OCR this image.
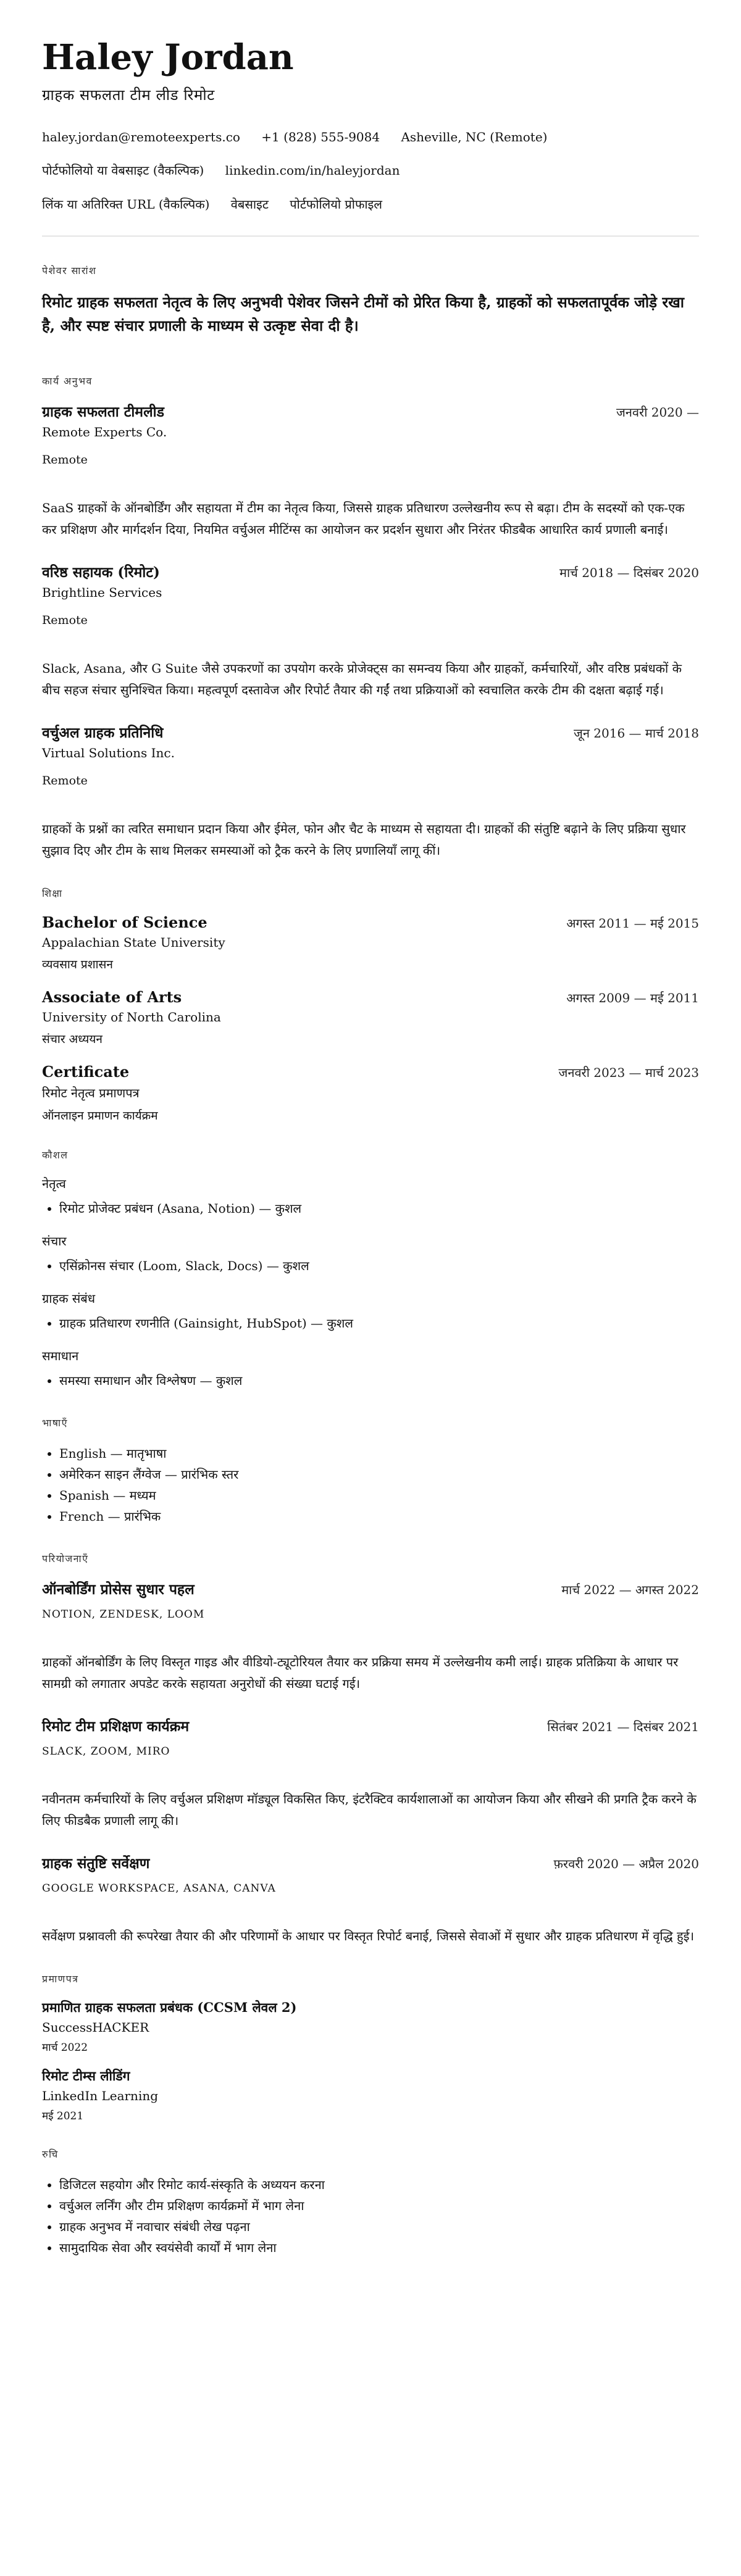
Haley Jordan
ग्राहक सफलता टीम लीड रिमोट
haley.jordan@remoteexperts.co +1 (828) 555-9084 Asheville, NC (Remote)
पोर्टफोलियो या वेबसाइट (वैकल्पिक) linkedin.com/in/haleyjordan
लिंक या अतिरिक्त URL (वैकल्पिक) वेबसाइट पोर्टफोलियो प्रोफाइल
पेशेवर सारांश
रिमोट ग्राहक सफलता नेतृत्व के लिए अनुभवी पेशेवर जिसने टीमों को प्रेरित किया है, ग्राहकों को सफलतापूर्वक जोड़े रखा है, और स्पष्ट संचार प्रणाली के माध्यम से उत्कृष्ट सेवा दी है।
कार्य अनुभव
ग्राहक सफलता टीमलीड	जनवरी 2020 —
Remote Experts Co.
Remote
SaaS ग्राहकों के ऑनबोर्डिंग और सहायता में टीम का नेतृत्व किया, जिससे ग्राहक प्रतिधारण उल्लेखनीय रूप से बढ़ा। टीम के सदस्यों को एक-एक कर प्रशिक्षण और मार्गदर्शन दिया, नियमित वर्चुअल मीटिंग्स का आयोजन कर प्रदर्शन सुधारा और निरंतर फीडबैक आधारित कार्य प्रणाली बनाई।
वरिष्ठ सहायक (रिमोट)	मार्च 2018 — दिसंबर 2020
Brightline Services
Remote
Slack, Asana, और G Suite जैसे उपकरणों का उपयोग करके प्रोजेक्ट्स का समन्वय किया और ग्राहकों, कर्मचारियों, और वरिष्ठ प्रबंधकों के बीच सहज संचार सुनिश्चित किया। महत्वपूर्ण दस्तावेज और रिपोर्ट तैयार की गईं तथा प्रक्रियाओं को स्वचालित करके टीम की दक्षता बढ़ाई गई।
वर्चुअल ग्राहक प्रतिनिधि	जून 2016 — मार्च 2018
Virtual Solutions Inc.
Remote
ग्राहकों के प्रश्नों का त्वरित समाधान प्रदान किया और ईमेल, फोन और चैट के माध्यम से सहायता दी। ग्राहकों की संतुष्टि बढ़ाने के लिए प्रक्रिया सुधार सुझाव दिए और टीम के साथ मिलकर समस्याओं को ट्रैक करने के लिए प्रणालियाँ लागू कीं।
शिक्षा
Bachelor of Science	अगस्त 2011 — मई 2015
Appalachian State University
व्यवसाय प्रशासन
Associate of Arts	अगस्त 2009 — मई 2011
University of North Carolina
संचार अध्ययन
Certificate	जनवरी 2023 — मार्च 2023
रिमोट नेतृत्व प्रमाणपत्र
ऑनलाइन प्रमाणन कार्यक्रम
कौशल
नेतृत्व
• रिमोट प्रोजेक्ट प्रबंधन (Asana, Notion) — कुशल
संचार
• एसिंक्रोनस संचार (Loom, Slack, Docs) — कुशल
ग्राहक संबंध
• ग्राहक प्रतिधारण रणनीति (Gainsight, HubSpot) — कुशल
समाधान
• समस्या समाधान और विश्लेषण — कुशल
भाषाएँ
• English — मातृभाषा
• अमेरिकन साइन लैंग्वेज — प्रारंभिक स्तर
• Spanish — मध्यम
• French — प्रारंभिक
परियोजनाएँ
ऑनबोर्डिंग प्रोसेस सुधार पहल	मार्च 2022 — अगस्त 2022
NOTION, ZENDESK, LOOM
ग्राहकों ऑनबोर्डिंग के लिए विस्तृत गाइड और वीडियो-ट्यूटोरियल तैयार कर प्रक्रिया समय में उल्लेखनीय कमी लाई। ग्राहक प्रतिक्रिया के आधार पर सामग्री को लगातार अपडेट करके सहायता अनुरोधों की संख्या घटाई गई।
रिमोट टीम प्रशिक्षण कार्यक्रम	सितंबर 2021 — दिसंबर 2021
SLACK, ZOOM, MIRO
नवीनतम कर्मचारियों के लिए वर्चुअल प्रशिक्षण मॉड्यूल विकसित किए, इंटरैक्टिव कार्यशालाओं का आयोजन किया और सीखने की प्रगति ट्रैक करने के लिए फीडबैक प्रणाली लागू की।
ग्राहक संतुष्टि सर्वेक्षण	फ़रवरी 2020 — अप्रैल 2020
GOOGLE WORKSPACE, ASANA, CANVA
सर्वेक्षण प्रश्नावली की रूपरेखा तैयार की और परिणामों के आधार पर विस्तृत रिपोर्ट बनाई, जिससे सेवाओं में सुधार और ग्राहक प्रतिधारण में वृद्धि हुई।
प्रमाणपत्र
प्रमाणित ग्राहक सफलता प्रबंधक (CCSM लेवल 2)
SuccessHACKER
मार्च 2022
रिमोट टीम्स लीडिंग
LinkedIn Learning
मई 2021
रुचि
• डिजिटल सहयोग और रिमोट कार्य-संस्कृति के अध्ययन करना
• वर्चुअल लर्निंग और टीम प्रशिक्षण कार्यक्रमों में भाग लेना
• ग्राहक अनुभव में नवाचार संबंधी लेख पढ़ना
• सामुदायिक सेवा और स्वयंसेवी कार्यों में भाग लेना
